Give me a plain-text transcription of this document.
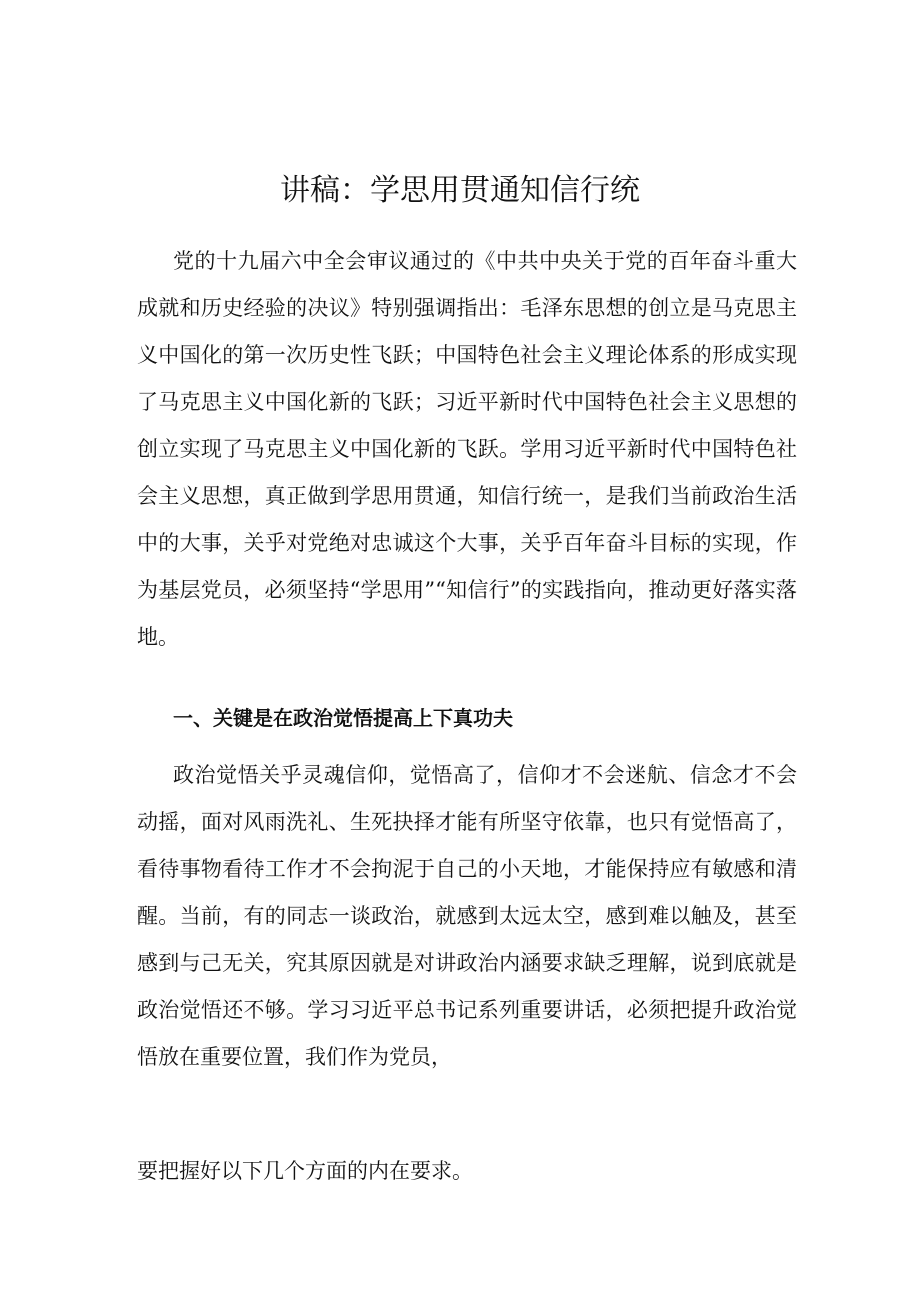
讲稿：学思用贯通知信行统

党的十九届六中全会审议通过的《中共中央关于党的百年奋斗重大成就和历史经验的决议》特别强调指出：毛泽东思想的创立是马克思主义中国化的第一次历史性飞跃；中国特色社会主义理论体系的形成实现了马克思主义中国化新的飞跃；习近平新时代中国特色社会主义思想的创立实现了马克思主义中国化新的飞跃。学用习近平新时代中国特色社会主义思想，真正做到学思用贯通，知信行统一，是我们当前政治生活中的大事，关乎对党绝对忠诚这个大事，关乎百年奋斗目标的实现，作为基层党员，必须坚持“学思用”“知信行”的实践指向，推动更好落实落地。

一、关键是在政治觉悟提高上下真功夫

政治觉悟关乎灵魂信仰，觉悟高了，信仰才不会迷航、信念才不会动摇，面对风雨洗礼、生死抉择才能有所坚守依靠，也只有觉悟高了，看待事物看待工作才不会拘泥于自己的小天地，才能保持应有敏感和清醒。当前，有的同志一谈政治，就感到太远太空，感到难以触及，甚至感到与己无关，究其原因就是对讲政治内涵要求缺乏理解，说到底就是政治觉悟还不够。学习习近平总书记系列重要讲话，必须把提升政治觉悟放在重要位置，我们作为党员，

要把握好以下几个方面的内在要求。
